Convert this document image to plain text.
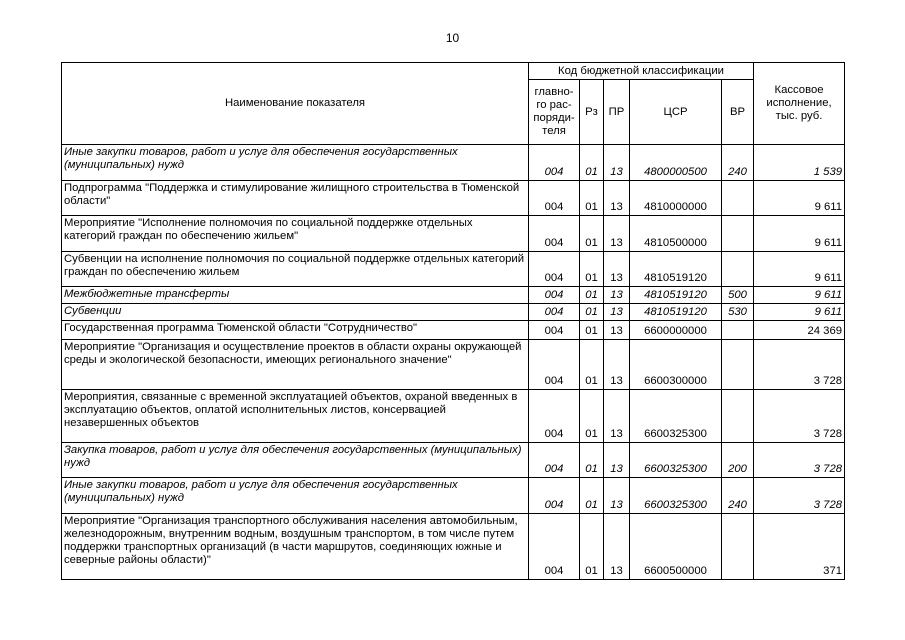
10
Наименование показателя	Код бюджетной классификации					Кассовое
исполнение,
тыс. руб.
	главно-
го рас-
поряди-
теля	Рз	ПР	ЦСР	ВР	
Иные закупки товаров, работ и услуг для обеспечения государственных (муниципальных) нужд	004	01	13	4800000500	240	1 539
Подпрограмма "Поддержка и стимулирование жилищного строительства в Тюменской области"	004	01	13	4810000000		9 611
Мероприятие "Исполнение полномочия по социальной поддержке отдельных категорий граждан по обеспечению жильем"	004	01	13	4810500000		9 611
Субвенции на исполнение полномочия по социальной поддержке отдельных категорий граждан по обеспечению жильем	004	01	13	4810519120		9 611
Межбюджетные трансферты	004	01	13	4810519120	500	9 611
Субвенции	004	01	13	4810519120	530	9 611
Государственная программа Тюменской области "Сотрудничество"	004	01	13	6600000000		24 369
Мероприятие "Организация и осуществление проектов в области охраны окружающей среды и экологической безопасности, имеющих регионального значение"	004	01	13	6600300000		3 728
Мероприятия, связанные с временной эксплуатацией объектов, охраной введенных в эксплуатацию объектов, оплатой исполнительных листов, консервацией незавершенных объектов	004	01	13	6600325300		3 728
Закупка товаров, работ и услуг для обеспечения государственных (муниципальных) нужд	004	01	13	6600325300	200	3 728
Иные закупки товаров, работ и услуг для обеспечения государственных (муниципальных) нужд	004	01	13	6600325300	240	3 728
Мероприятие "Организация транспортного обслуживания населения автомобильным, железнодорожным, внутренним водным, воздушным транспортом, в том числе путем поддержки транспортных организаций (в части маршрутов, соединяющих южные и северные районы области)"	004	01	13	6600500000		371
